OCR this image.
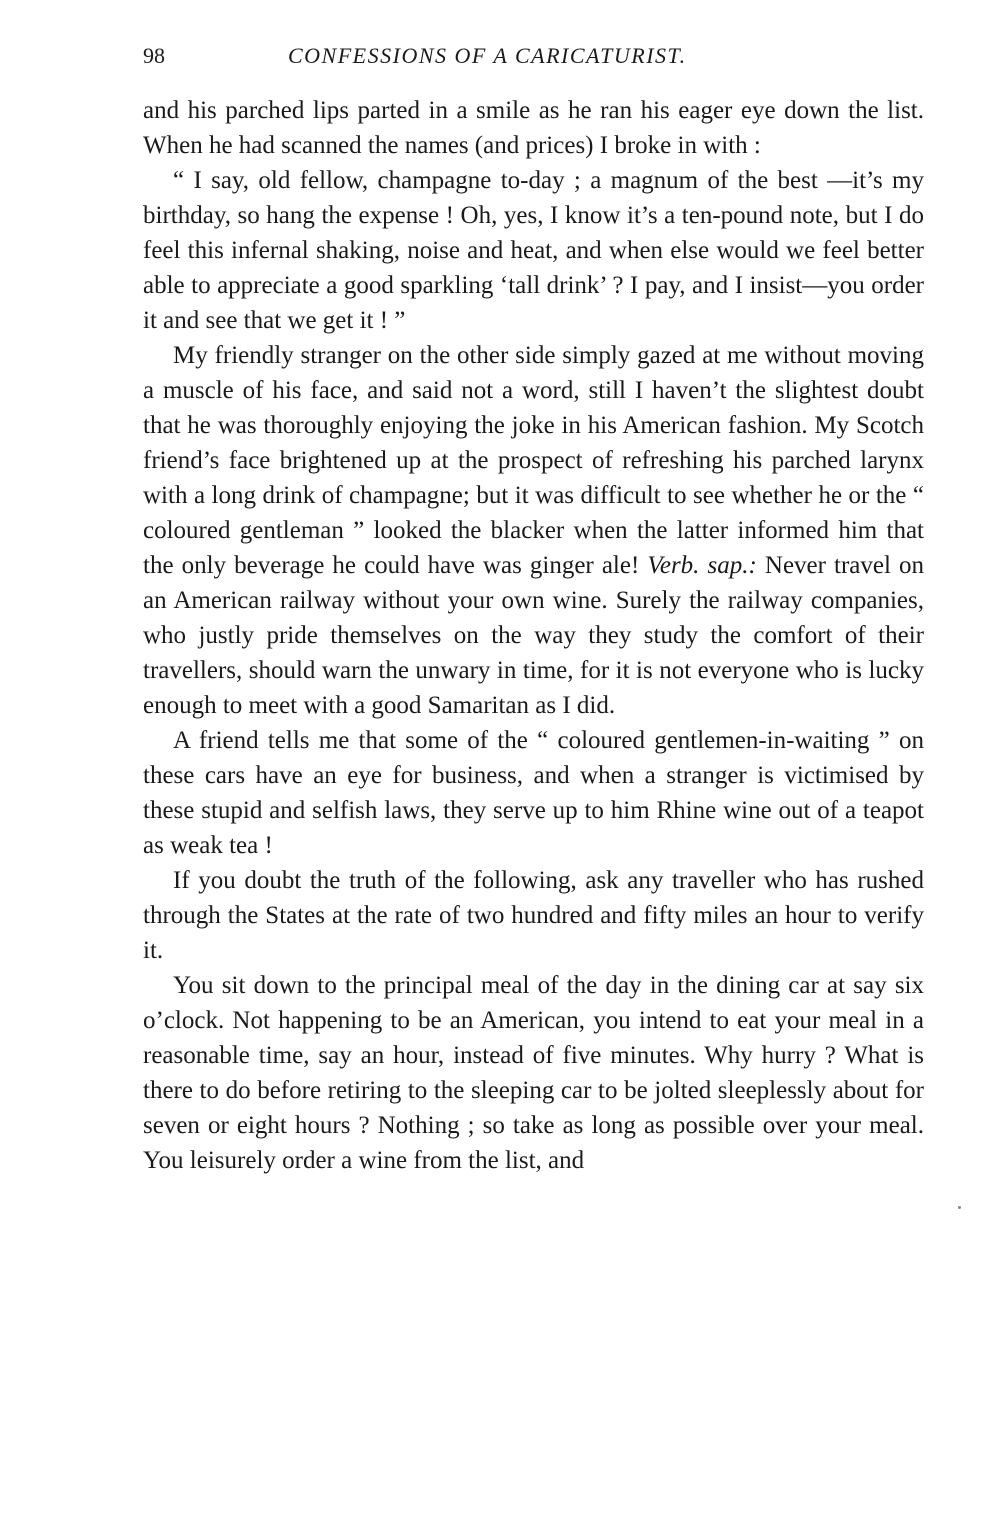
98	CONFESSIONS OF A CARICATURIST.

and his parched lips parted in a smile as he ran his eager eye down the list. When he had scanned the names (and prices) I broke in with :

“ I say, old fellow, champagne to-day ; a magnum of the best —it’s my birthday, so hang the expense ! Oh, yes, I know it’s a ten-pound note, but I do feel this infernal shaking, noise and heat, and when else would we feel better able to appreciate a good sparkling ‘tall drink’ ? I pay, and I insist—you order it and see that we get it ! ”

My friendly stranger on the other side simply gazed at me without moving a muscle of his face, and said not a word, still I haven’t the slightest doubt that he was thoroughly enjoying the joke in his American fashion. My Scotch friend’s face brightened up at the prospect of refreshing his parched larynx with a long drink of champagne; but it was difficult to see whether he or the “ coloured gentleman ” looked the blacker when the latter informed him that the only beverage he could have was ginger ale! Verb. sap.: Never travel on an American railway without your own wine. Surely the railway companies, who justly pride themselves on the way they study the comfort of their travellers, should warn the unwary in time, for it is not everyone who is lucky enough to meet with a good Samaritan as I did.

A friend tells me that some of the “ coloured gentlemen-in-waiting ” on these cars have an eye for business, and when a stranger is victimised by these stupid and selfish laws, they serve up to him Rhine wine out of a teapot as weak tea !

If you doubt the truth of the following, ask any traveller who has rushed through the States at the rate of two hundred and fifty miles an hour to verify it.

You sit down to the principal meal of the day in the dining car at say six o’clock. Not happening to be an American, you intend to eat your meal in a reasonable time, say an hour, instead of five minutes. Why hurry ? What is there to do before retiring to the sleeping car to be jolted sleeplessly about for seven or eight hours ? Nothing ; so take as long as possible over your meal. You leisurely order a wine from the list, and
